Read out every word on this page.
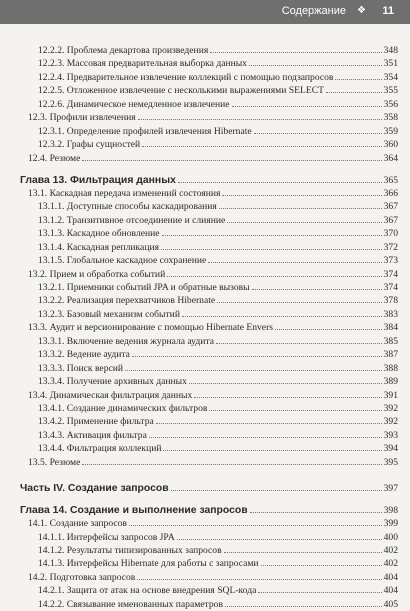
Содержание ❖ 11
12.2.2. Проблема декартова произведения	348
12.2.3. Массовая предварительная выборка данных	351
12.2.4. Предварительное извлечение коллекций с помощью подзапросов	354
12.2.5. Отложенное извлечение с несколькими выражениями SELECT	355
12.2.6. Динамическое немедленное извлечение	356
12.3. Профили извлечения	358
12.3.1. Определение профилей извлечения Hibernate	359
12.3.2. Графы сущностей	360
12.4. Резюме	364
Глава 13. Фильтрация данных	365
13.1. Каскадная передача изменений состояния	366
13.1.1. Доступные способы каскадирования	367
13.1.2. Транзитивное отсоединение и слияние	367
13.1.3. Каскадное обновление	370
13.1.4. Каскадная репликация	372
13.1.5. Глобальное каскадное сохранение	373
13.2. Прием и обработка событий	374
13.2.1. Приемники событий JPA и обратные вызовы	374
13.2.2. Реализация перехватчиков Hibernate	378
13.2.3. Базовый механизм событий	383
13.3. Аудит и версионирование с помощью Hibernate Envers	384
13.3.1. Включение ведения журнала аудита	385
13.3.2. Ведение аудита	387
13.3.3. Поиск версий	388
13.3.4. Получение архивных данных	389
13.4. Динамическая фильтрация данных	391
13.4.1. Создание динамических фильтров	392
13.4.2. Применение фильтра	392
13.4.3. Активация фильтра	393
13.4.4. Фильтрация коллекций	394
13.5. Резюме	395
Часть IV. Создание запросов	397
Глава 14. Создание и выполнение запросов	398
14.1. Создание запросов	399
14.1.1. Интерфейсы запросов JPA	400
14.1.2. Результаты типизированных запросов	402
14.1.3. Интерфейсы Hibernate для работы с запросами	402
14.2. Подготовка запросов	404
14.2.1. Защита от атак на основе внедрения SQL-кода	404
14.2.2. Связывание именованных параметров	405
